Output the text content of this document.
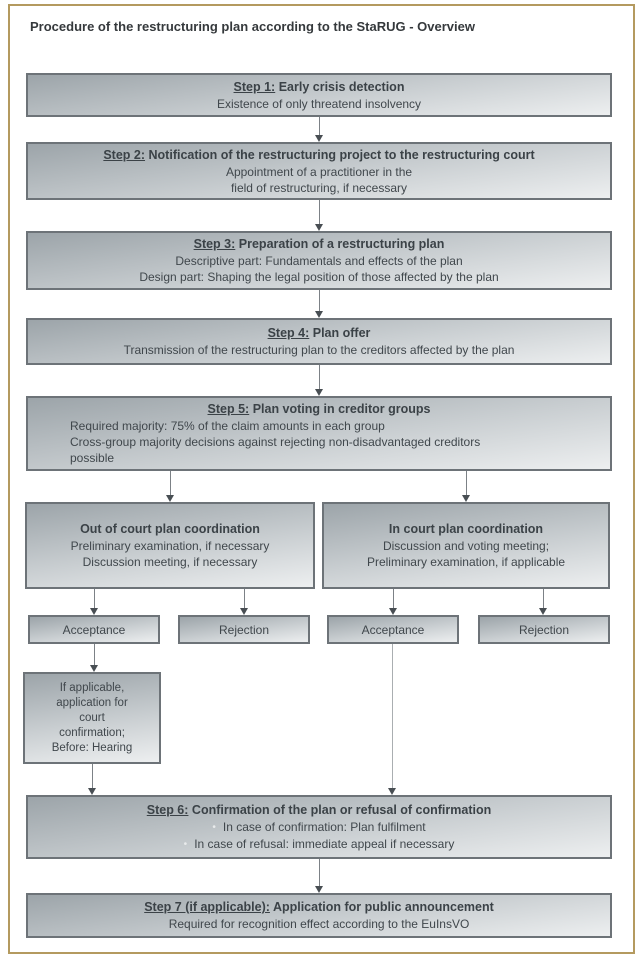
Procedure of the restructuring plan according to the StaRUG - Overview
Step 1: Early crisis detection
Existence of only threatend insolvency
Step 2: Notification of the restructuring project to the restructuring court
Appointment of a practitioner in the
field of restructuring, if necessary
Step 3: Preparation of a restructuring plan
Descriptive part: Fundamentals and effects of the plan
Design part: Shaping the legal position of those affected by the plan
Step 4: Plan offer
Transmission of the restructuring plan to the creditors affected by the plan
Step 5: Plan voting in creditor groups
Required majority: 75% of the claim amounts in each group
Cross-group majority decisions against rejecting non-disadvantaged creditors
possible
Out of court plan coordination
Preliminary examination, if necessary
Discussion meeting, if necessary
In court plan coordination
Discussion and voting meeting;
Preliminary examination, if applicable
Acceptance	Rejection	Acceptance	Rejection
If applicable,
application for
court
confirmation;
Before: Hearing
Step 6: Confirmation of the plan or refusal of confirmation
• In case of confirmation: Plan fulfilment
• In case of refusal: immediate appeal if necessary
Step 7 (if applicable): Application for public announcement
Required for recognition effect according to the EuInsVO
